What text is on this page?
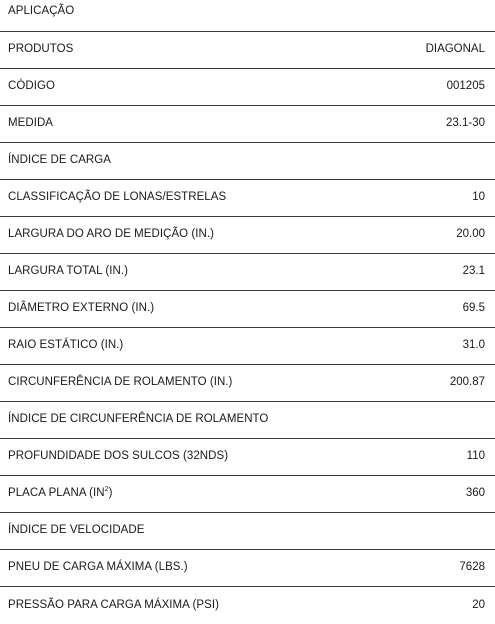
APLICAÇÃO
PRODUTOS	DIAGONAL
CÓDIGO	001205
MEDIDA	23.1-30
ÍNDICE DE CARGA
CLASSIFICAÇÃO DE LONAS/ESTRELAS	10
LARGURA DO ARO DE MEDIÇÃO (IN.)	20.00
LARGURA TOTAL (IN.)	23.1
DIÂMETRO EXTERNO (IN.)	69.5
RAIO ESTÁTICO (IN.)	31.0
CIRCUNFERÊNCIA DE ROLAMENTO (IN.)	200.87
ÍNDICE DE CIRCUNFERÊNCIA DE ROLAMENTO
PROFUNDIDADE DOS SULCOS (32NDS)	110
PLACA PLANA $(IN^2)$	360
ÍNDICE DE VELOCIDADE
PNEU DE CARGA MÁXIMA (LBS.)	7628
PRESSÃO PARA CARGA MÁXIMA (PSI)	20
